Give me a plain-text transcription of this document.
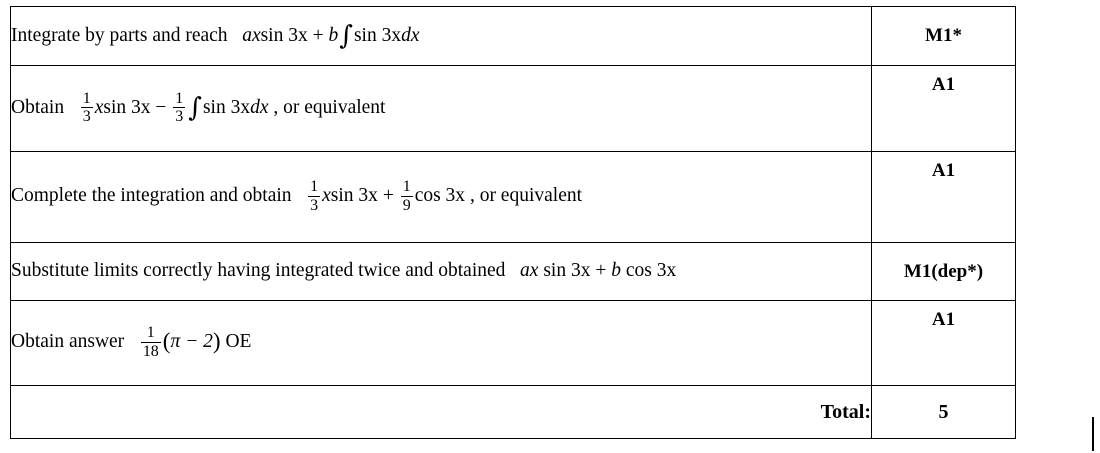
Integrate by parts and reach axsin 3x + b∫sin 3xdx	M1*
Obtain $\frac{1}{3}$ xsin $3x - \frac{1}{3} \int\sin$ 3xdx , or equivalent	A1
Complete the integration and obtain $\frac{1}{3}$ xsin $3x + \frac{1}{9}$ cos 3x , or equivalent	A1
Substitute limits correctly having integrated twice and obtained ax sin 3x + b cos 3x	M1(dep*)
Obtain answer $\frac{1}{18} (\pi - 2)$ OE	A1
Total:	5
